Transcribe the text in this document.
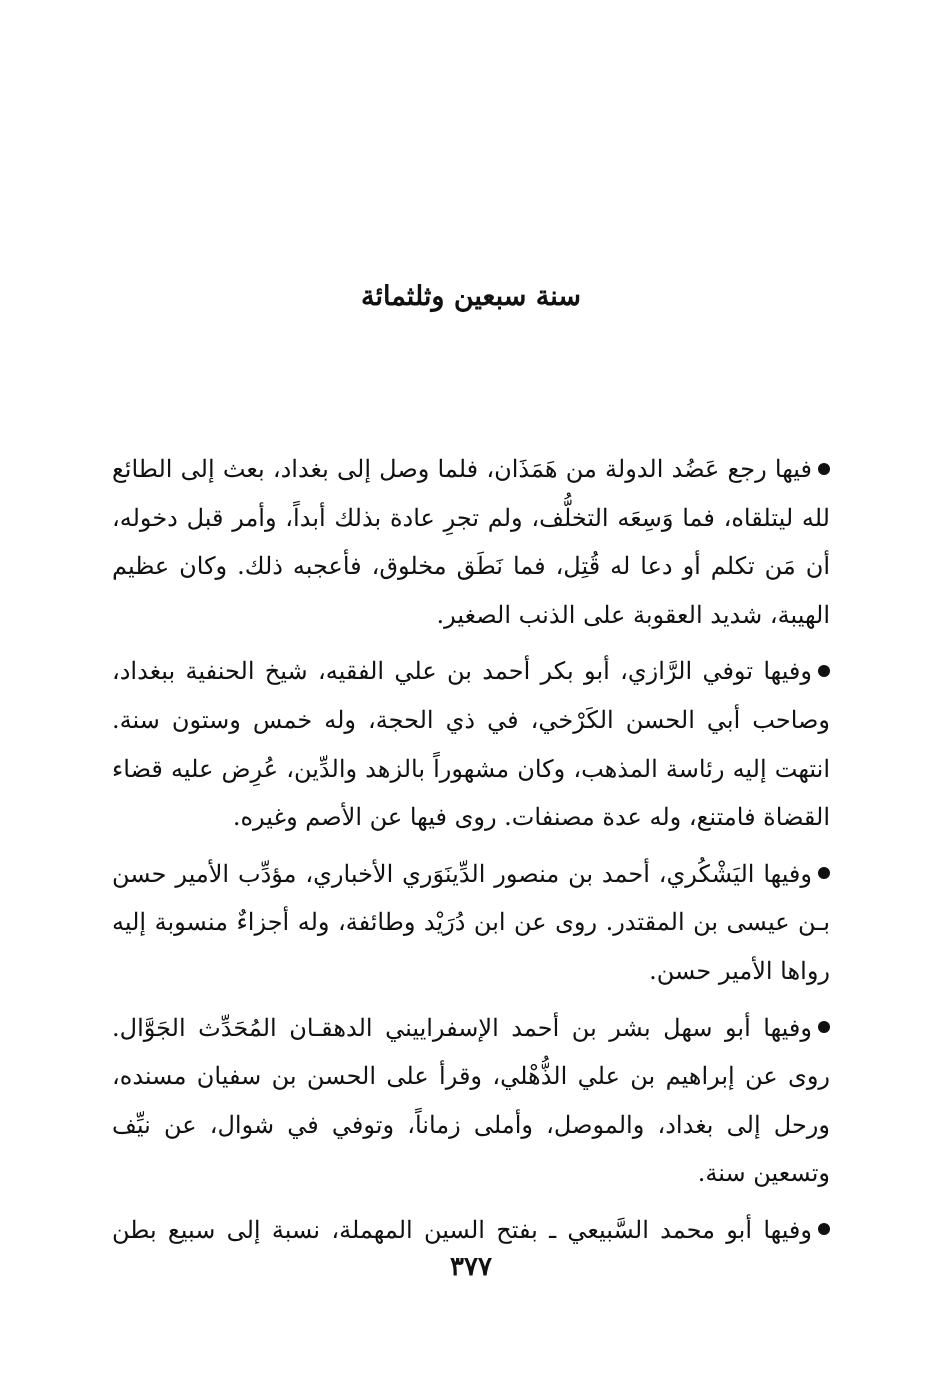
سنة سبعين وثلثمائة

فيها رجع عَضُد الدولة من هَمَذَان، فلما وصل إلى بغداد، بعث إلى الطائع لله ليتلقاه، فما وَسِعَه التخلُّف، ولم تجرِ عادة بذلك أبداً، وأمر قبل دخوله، أن مَن تكلم أو دعا له قُتِل، فما نَطَق مخلوق، فأعجبه ذلك. وكان عظيم الهيبة، شديد العقوبة على الذنب الصغير.

وفيها توفي الرَّازي، أبو بكر أحمد بن علي الفقيه، شيخ الحنفية ببغداد، وصاحب أبي الحسن الكَرْخي، في ذي الحجة، وله خمس وستون سنة. انتهت إليه رئاسة المذهب، وكان مشهوراً بالزهد والدِّين، عُرِض عليه قضاء القضاة فامتنع، وله عدة مصنفات. روى فيها عن الأصم وغيره.

وفيها اليَشْكُري، أحمد بن منصور الدِّينَوَري الأخباري، مؤدِّب الأمير حسن بـن عيسى بن المقتدر. روى عن ابن دُرَيْد وطائفة، وله أجزاءٌ منسوبة إليه رواها الأمير حسن.

وفيها أبو سهل بشر بن أحمد الإسفراييني الدهقـان المُحَدِّث الجَوَّال. روى عن إبراهيم بن علي الذُّهْلي، وقرأ على الحسن بن سفيان مسنده، ورحل إلى بغداد، والموصل، وأملى زماناً، وتوفي في شوال، عن نيِّف وتسعين سنة.

وفيها أبو محمد السَّبيعي ـ بفتح السين المهملة، نسبة إلى سبيع بطن

٣٧٧
